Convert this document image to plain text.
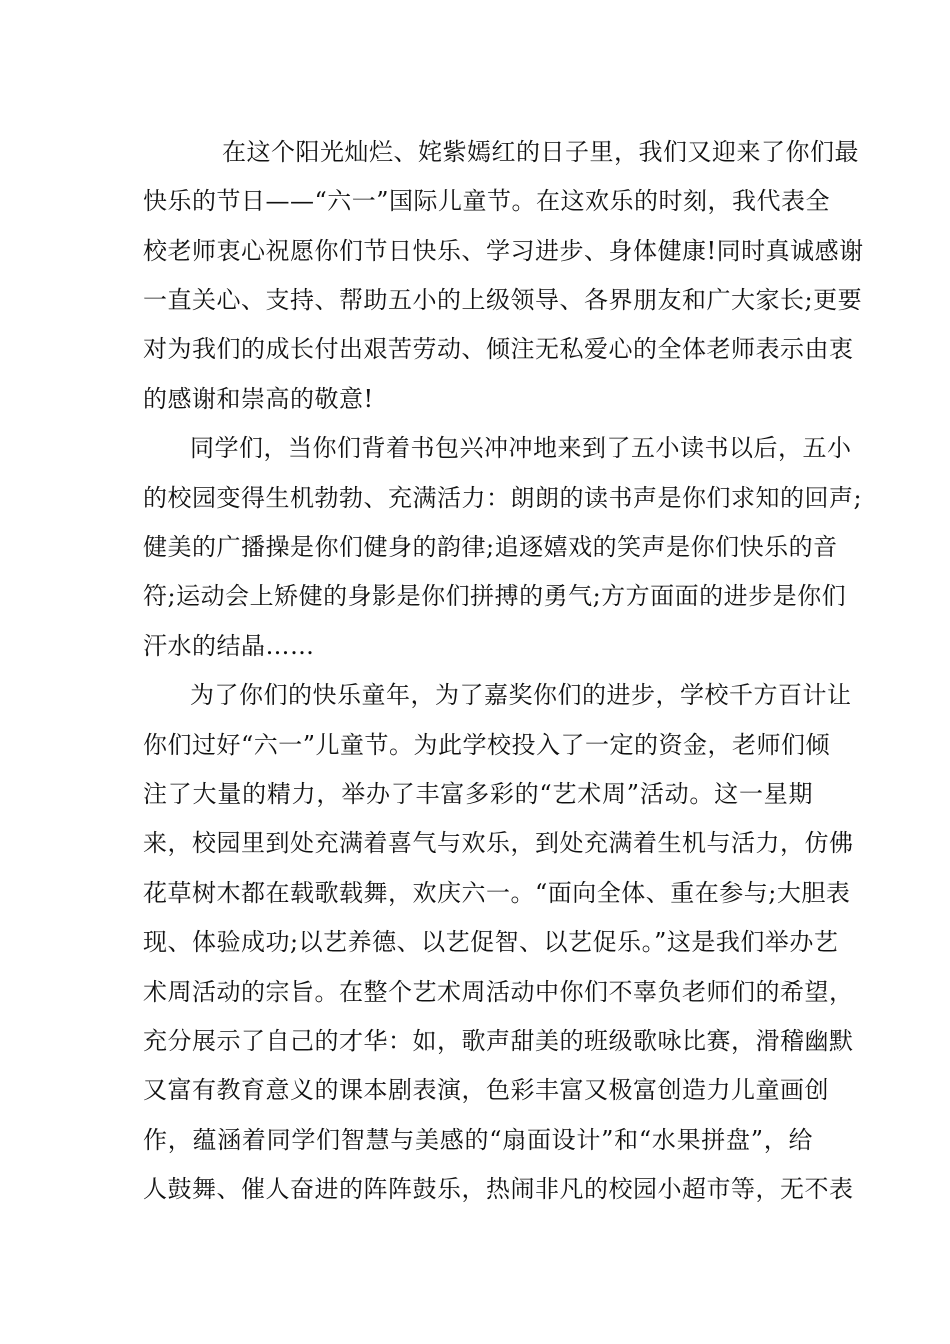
在这个阳光灿烂、姹紫嫣红的日子里，我们又迎来了你们最
快乐的节日——“六一”国际儿童节。在这欢乐的时刻，我代表全
校老师衷心祝愿你们节日快乐、学习进步、身体健康!同时真诚感谢
一直关心、支持、帮助五小的上级领导、各界朋友和广大家长;更要
对为我们的成长付出艰苦劳动、倾注无私爱心的全体老师表示由衷
的感谢和崇高的敬意!
同学们，当你们背着书包兴冲冲地来到了五小读书以后，五小
的校园变得生机勃勃、充满活力：朗朗的读书声是你们求知的回声;
健美的广播操是你们健身的韵律;追逐嬉戏的笑声是你们快乐的音
符;运动会上矫健的身影是你们拼搏的勇气;方方面面的进步是你们
汗水的结晶……
为了你们的快乐童年，为了嘉奖你们的进步，学校千方百计让
你们过好“六一”儿童节。为此学校投入了一定的资金，老师们倾
注了大量的精力，举办了丰富多彩的“艺术周”活动。这一星期
来，校园里到处充满着喜气与欢乐，到处充满着生机与活力，仿佛
花草树木都在载歌载舞，欢庆六一。“面向全体、重在参与;大胆表
现、体验成功;以艺养德、以艺促智、以艺促乐。”这是我们举办艺
术周活动的宗旨。在整个艺术周活动中你们不辜负老师们的希望，
充分展示了自己的才华：如，歌声甜美的班级歌咏比赛，滑稽幽默
又富有教育意义的课本剧表演，色彩丰富又极富创造力儿童画创
作，蕴涵着同学们智慧与美感的“扇面设计”和“水果拼盘”，给
人鼓舞、催人奋进的阵阵鼓乐，热闹非凡的校园小超市等，无不表
